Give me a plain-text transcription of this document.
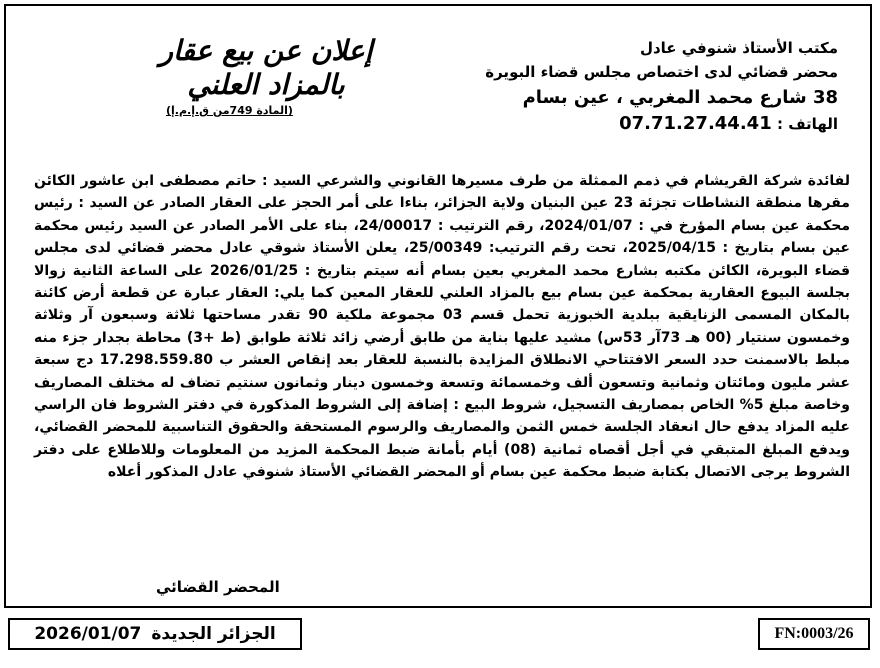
مكتب الأستاذ شنوفي عادل
محضر قضائي لدى اختصاص مجلس قضاء البويرة
38 شارع محمد المغربي ، عين بسام
الهاتف : 07.71.27.44.41
إعلان عن بيع عقار
بالمزاد العلني
(المادة 749من ق.إ.م.إ)
لفائدة شركة القريشام في ذمم الممثلة من طرف مسيرها القانوني والشرعي السيد : حاتم مصطفى ابن عاشور الكائن مقرها منطقة النشاطات تجزئة 23 عين البنيان ولاية الجزائر، بناءا على أمر الحجز على العقار الصادر عن السيد : رئيس محكمة عين بسام المؤرخ في : 2024/01/07، رقم الترتيب : 24/00017، بناء على الأمر الصادر عن السيد رئيس محكمة عين بسام بتاريخ : 2025/04/15، تحت رقم الترتيب: 25/00349، يعلن الأستاذ شوقي عادل محضر قضائي لدى مجلس قضاء البويرة، الكائن مكتبه بشارع محمد المغربي بعين بسام أنه سيتم بتاريخ : 2026/01/25 على الساعة الثانية زوالا بجلسة البيوع العقارية بمحكمة عين بسام بيع بالمزاد العلني للعقار المعين كما يلي: العقار عبارة عن قطعة أرض كائنة بالمكان المسمى الزنايقية ببلدية الخبوزية تحمل قسم 03 مجموعة ملكية 90 تقدر مساحتها ثلاثة وسبعون آر وثلاثة وخمسون سنتيار (00 هـ 73آر 53س) مشيد عليها بناية من طابق أرضي زائد ثلاثة طوابق (ط +3) محاطة بجدار جزء منه مبلط بالاسمنت حدد السعر الافتتاحي الانطلاق المزايدة بالنسبة للعقار بعد إنقاص العشر ب 17.298.559.80 دج سبعة عشر مليون ومائتان وثمانية وتسعون ألف وخمسمائة وتسعة وخمسون دينار وثمانون سنتيم تضاف له مختلف المصاريف وخاصة مبلغ 5% الخاص بمصاريف التسجيل، شروط البيع : إضافة إلى الشروط المذكورة في دفتر الشروط فان الراسي عليه المزاد يدفع حال انعقاد الجلسة خمس الثمن والمصاريف والرسوم المستحقة والحقوق التناسبية للمحضر القضائي، ويدفع المبلغ المتبقي في أجل أقصاه ثمانية (08) أيام بأمانة ضبط المحكمة المزيد من المعلومات وللاطلاع على دفتر الشروط يرجى الاتصال بكتابة ضبط محكمة عين بسام أو المحضر القضائي الأستاذ شنوفي عادل المذكور أعلاه
المحضر القضائي
الجزائر الجديدة
2026/01/07	FN:0003/26
